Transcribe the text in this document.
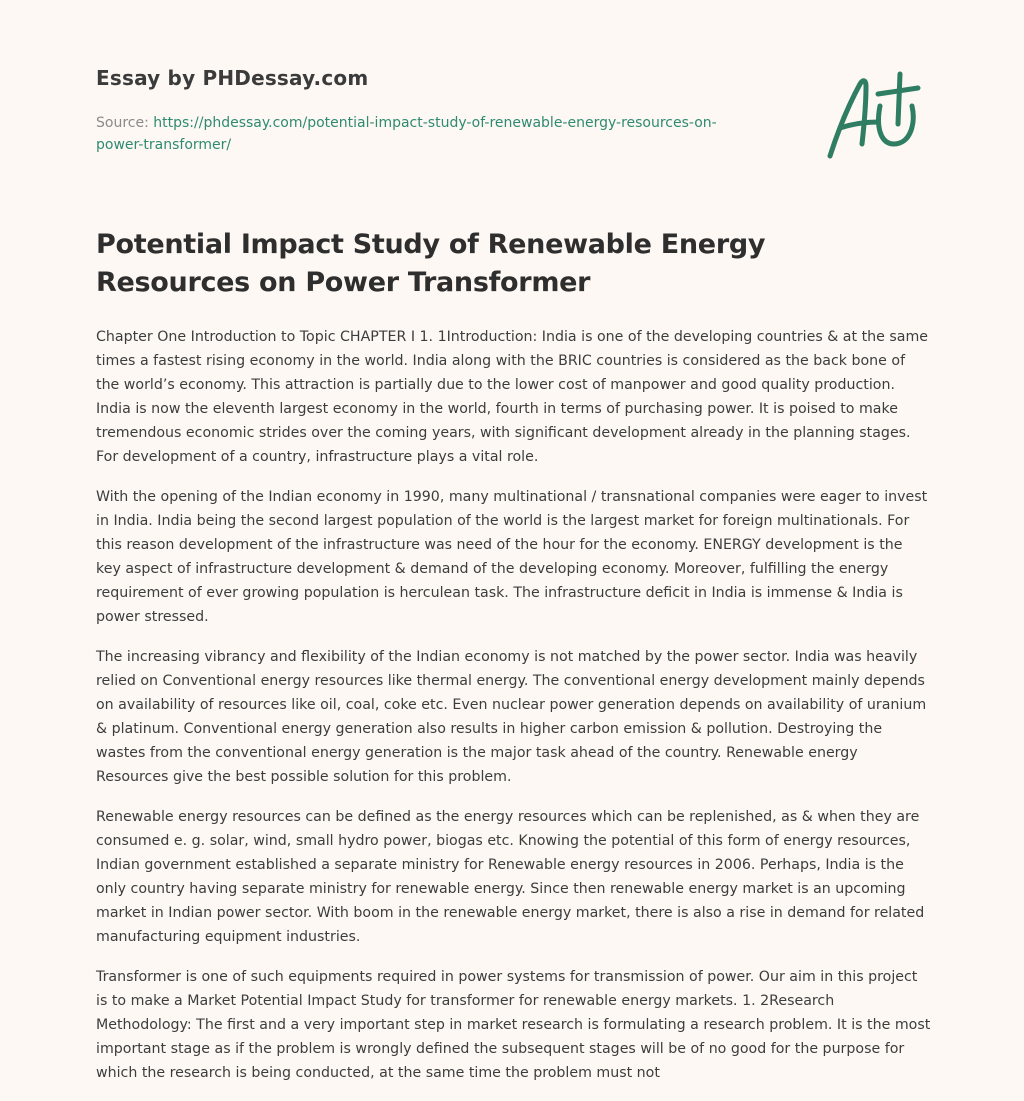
Essay by PHDessay.com
Source: https://phdessay.com/potential-impact-study-of-renewable-energy-resources-on-power-transformer/
Potential Impact Study of Renewable Energy Resources on Power Transformer

Chapter One Introduction to Topic CHAPTER I 1. 1Introduction: India is one of the developing countries & at the same times a fastest rising economy in the world. India along with the BRIC countries is considered as the back bone of the world’s economy. This attraction is partially due to the lower cost of manpower and good quality production. India is now the eleventh largest economy in the world, fourth in terms of purchasing power. It is poised to make tremendous economic strides over the coming years, with significant development already in the planning stages. For development of a country, infrastructure plays a vital role.

With the opening of the Indian economy in 1990, many multinational / transnational companies were eager to invest in India. India being the second largest population of the world is the largest market for foreign multinationals. For this reason development of the infrastructure was need of the hour for the economy. ENERGY development is the key aspect of infrastructure development & demand of the developing economy. Moreover, fulfilling the energy requirement of ever growing population is herculean task. The infrastructure deficit in India is immense & India is power stressed.

The increasing vibrancy and flexibility of the Indian economy is not matched by the power sector. India was heavily relied on Conventional energy resources like thermal energy. The conventional energy development mainly depends on availability of resources like oil, coal, coke etc. Even nuclear power generation depends on availability of uranium & platinum. Conventional energy generation also results in higher carbon emission & pollution. Destroying the wastes from the conventional energy generation is the major task ahead of the country. Renewable energy Resources give the best possible solution for this problem.

Renewable energy resources can be defined as the energy resources which can be replenished, as & when they are consumed e. g. solar, wind, small hydro power, biogas etc. Knowing the potential of this form of energy resources, Indian government established a separate ministry for Renewable energy resources in 2006. Perhaps, India is the only country having separate ministry for renewable energy. Since then renewable energy market is an upcoming market in Indian power sector. With boom in the renewable energy market, there is also a rise in demand for related manufacturing equipment industries.

Transformer is one of such equipments required in power systems for transmission of power. Our aim in this project is to make a Market Potential Impact Study for transformer for renewable energy markets. 1. 2Research Methodology: The first and a very important step in market research is formulating a research problem. It is the most important stage as if the problem is wrongly defined the subsequent stages will be of no good for the purpose for which the research is being conducted, at the same time the problem must not
